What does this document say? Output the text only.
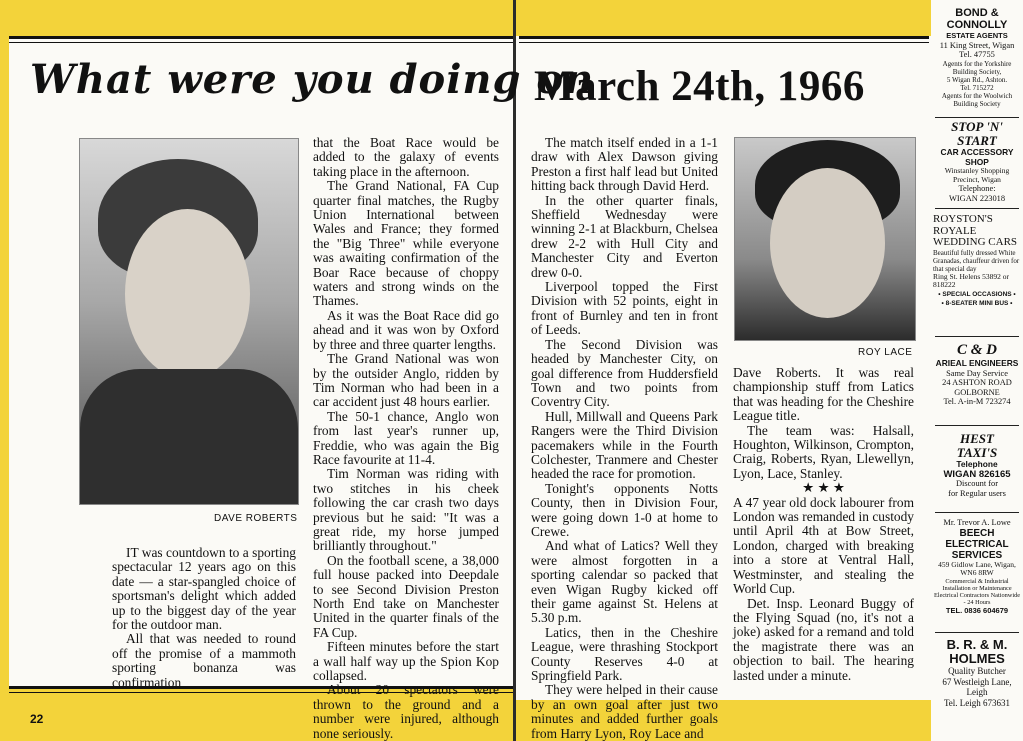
What were you doing on
March 24th, 1966
DAVE ROBERTS
ROY LACE

IT was countdown to a sporting spectacular 12 years ago on this date — a star-spangled choice of sportsman's delight which added up to the biggest day of the year for the outdoor man.

All that was needed to round off the promise of a mammoth sporting bonanza was confirmation

that the Boat Race would be added to the galaxy of events taking place in the afternoon.

The Grand National, FA Cup quarter final matches, the Rugby Union International between Wales and France; they formed the "Big Three" while everyone was awaiting confirmation of the Boar Race because of choppy waters and strong winds on the Thames.

As it was the Boat Race did go ahead and it was won by Oxford by three and three quarter lengths.

The Grand National was won by the outsider Anglo, ridden by Tim Norman who had been in a car accident just 48 hours earlier.

The 50-1 chance, Anglo won from last year's runner up, Freddie, who was again the Big Race favourite at 11-4.

Tim Norman was riding with two stitches in his cheek following the car crash two days previous but he said: "It was a great ride, my horse jumped brilliantly throughout."

On the football scene, a 38,000 full house packed into Deepdale to see Second Division Preston North End take on Manchester United in the quarter finals of the FA Cup.

Fifteen minutes before the start a wall half way up the Spion Kop collapsed.

About 20 spectators were thrown to the ground and a number were injured, although none seriously.

The match itself ended in a 1-1 draw with Alex Dawson giving Preston a first half lead but United hitting back through David Herd.

In the other quarter finals, Sheffield Wednesday were winning 2-1 at Blackburn, Chelsea drew 2-2 with Hull City and Manchester City and Everton drew 0-0.

Liverpool topped the First Division with 52 points, eight in front of Burnley and ten in front of Leeds.

The Second Division was headed by Manchester City, on goal difference from Huddersfield Town and two points from Coventry City.

Hull, Millwall and Queens Park Rangers were the Third Division pacemakers while in the Fourth Colchester, Tranmere and Chester headed the race for promotion.

Tonight's opponents Notts County, then in Division Four, were going down 1-0 at home to Crewe.

And what of Latics? Well they were almost forgotten in a sporting calendar so packed that even Wigan Rugby kicked off their game against St. Helens at 5.30 p.m.

Latics, then in the Cheshire League, were thrashing Stockport County Reserves 4-0 at Springfield Park.

They were helped in their cause by an own goal after just two minutes and added further goals from Harry Lyon, Roy Lace and

Dave Roberts. It was real championship stuff from Latics that was heading for the Cheshire League title.

The team was: Halsall, Houghton, Wilkinson, Crompton, Craig, Roberts, Ryan, Llewellyn, Lyon, Lace, Stanley.

★ ★ ★

A 47 year old dock labourer from London was remanded in custody until April 4th at Bow Street, London, charged with breaking into a store at Ventral Hall, Westminster, and stealing the World Cup.

Det. Insp. Leonard Buggy of the Flying Squad (no, it's not a joke) asked for a remand and told the magistrate there was an objection to bail. The hearing lasted under a minute.

22
BOND &
CONNOLLY
ESTATE AGENTS
11 King Street, Wigan
Tel. 47755
Agents for the Yorkshire Building Society,
5 Wigan Rd., Ashton.
Tel. 715272
Agents for the Woolwich Building Society
STOP 'N'
START
CAR ACCESSORY SHOP
Winstanley Shopping Precinct, Wigan
Telephone:
WIGAN 223018
ROYSTON'S ROYALE WEDDING CARS
Beautiful fully dressed White Granadas, chauffeur driven for that special day
Ring St. Helens 53892 or 818222
• SPECIAL OCCASIONS •
• 8-SEATER MINI BUS •
C & D
ARIEAL ENGINEERS
Same Day Service
24 ASHTON ROAD
GOLBORNE
Tel. A-in-M 723274
HEST
TAXI'S
Telephone
WIGAN 826165
Discount for
for Regular users
Mr. Trevor A. Lowe
BEECH ELECTRICAL SERVICES
459 Gidlow Lane, Wigan, WN6 8RW
Commercial & Industrial Installation or Maintenance Electrical Contractors Nationwide - 24 Hours
TEL. 0836 604679
B. R. & M.
HOLMES
Quality Butcher
67 Westleigh Lane,
Leigh
Tel. Leigh 673631
